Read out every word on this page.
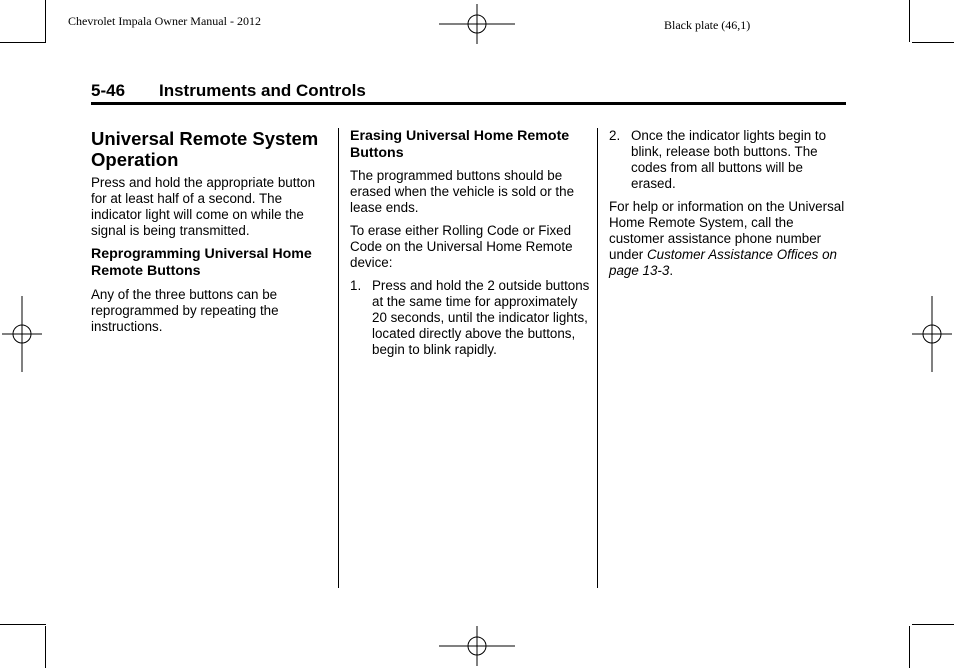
Chevrolet Impala Owner Manual - 2012	Black plate (46,1)
5-46 Instruments and Controls
Universal Remote System Operation

Press and hold the appropriate button for at least half of a second. The indicator light will come on while the signal is being transmitted.

Reprogramming Universal Home Remote Buttons

Any of the three buttons can be reprogrammed by repeating the instructions.

Erasing Universal Home Remote Buttons

The programmed buttons should be erased when the vehicle is sold or the lease ends.

To erase either Rolling Code or Fixed Code on the Universal Home Remote device:

1. Press and hold the 2 outside buttons at the same time for approximately 20 seconds, until the indicator lights, located directly above the buttons, begin to blink rapidly.
2. Once the indicator lights begin to blink, release both buttons. The codes from all buttons will be erased.

For help or information on the Universal Home Remote System, call the customer assistance phone number under Customer Assistance Offices on page 13-3.
